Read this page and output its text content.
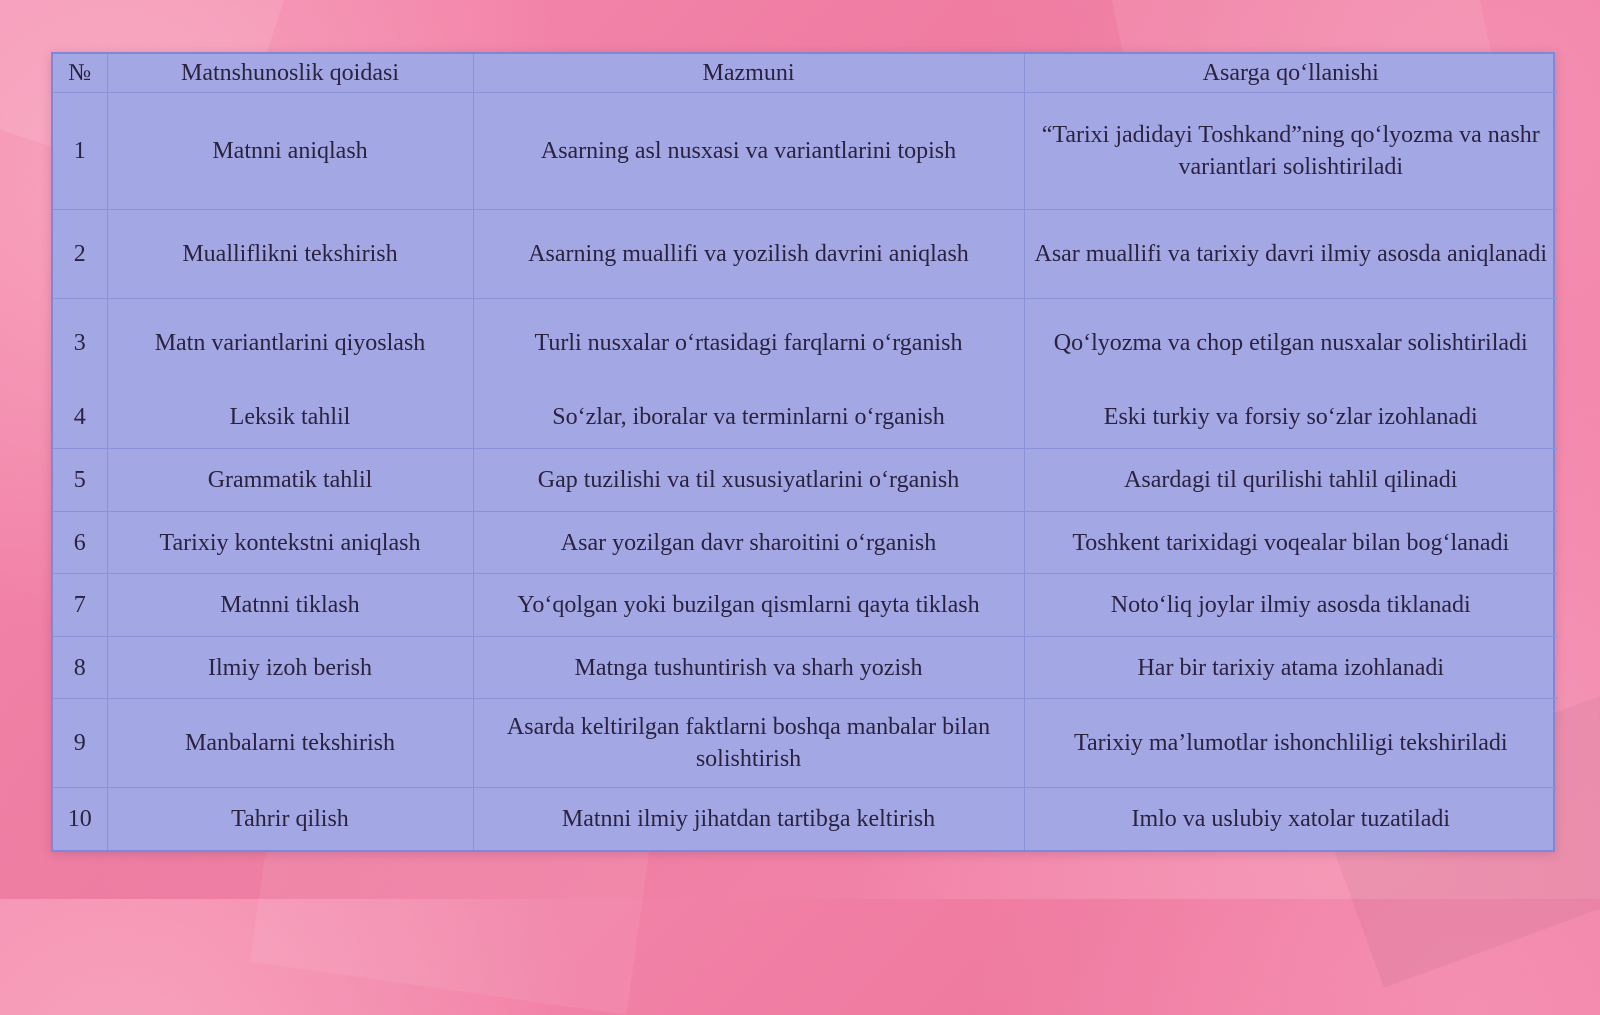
№	Matnshunoslik qoidasi	Mazmuni	Asarga qo‘llanishi
1	Matnni aniqlash	Asarning asl nusxasi va variantlarini topish	“Tarixi jadidayi Toshkand”ning qo‘lyozma va nashr variantlari solishtiriladi
2	Mualliflikni tekshirish	Asarning muallifi va yozilish davrini aniqlash	Asar muallifi va tarixiy davri ilmiy asosda aniqlanadi
3	Matn variantlarini qiyoslash	Turli nusxalar o‘rtasidagi farqlarni o‘rganish	Qo‘lyozma va chop etilgan nusxalar solishtiriladi
4	Leksik tahlil	So‘zlar, iboralar va terminlarni o‘rganish	Eski turkiy va forsiy so‘zlar izohlanadi
5	Grammatik tahlil	Gap tuzilishi va til xususiyatlarini o‘rganish	Asardagi til qurilishi tahlil qilinadi
6	Tarixiy kontekstni aniqlash	Asar yozilgan davr sharoitini o‘rganish	Toshkent tarixidagi voqealar bilan bog‘lanadi
7	Matnni tiklash	Yo‘qolgan yoki buzilgan qismlarni qayta tiklash	Noto‘liq joylar ilmiy asosda tiklanadi
8	Ilmiy izoh berish	Matnga tushuntirish va sharh yozish	Har bir tarixiy atama izohlanadi
9	Manbalarni tekshirish	Asarda keltirilgan faktlarni boshqa manbalar bilan solishtirish	Tarixiy ma’lumotlar ishonchliligi tekshiriladi
10	Tahrir qilish	Matnni ilmiy jihatdan tartibga keltirish	Imlo va uslubiy xatolar tuzatiladi
